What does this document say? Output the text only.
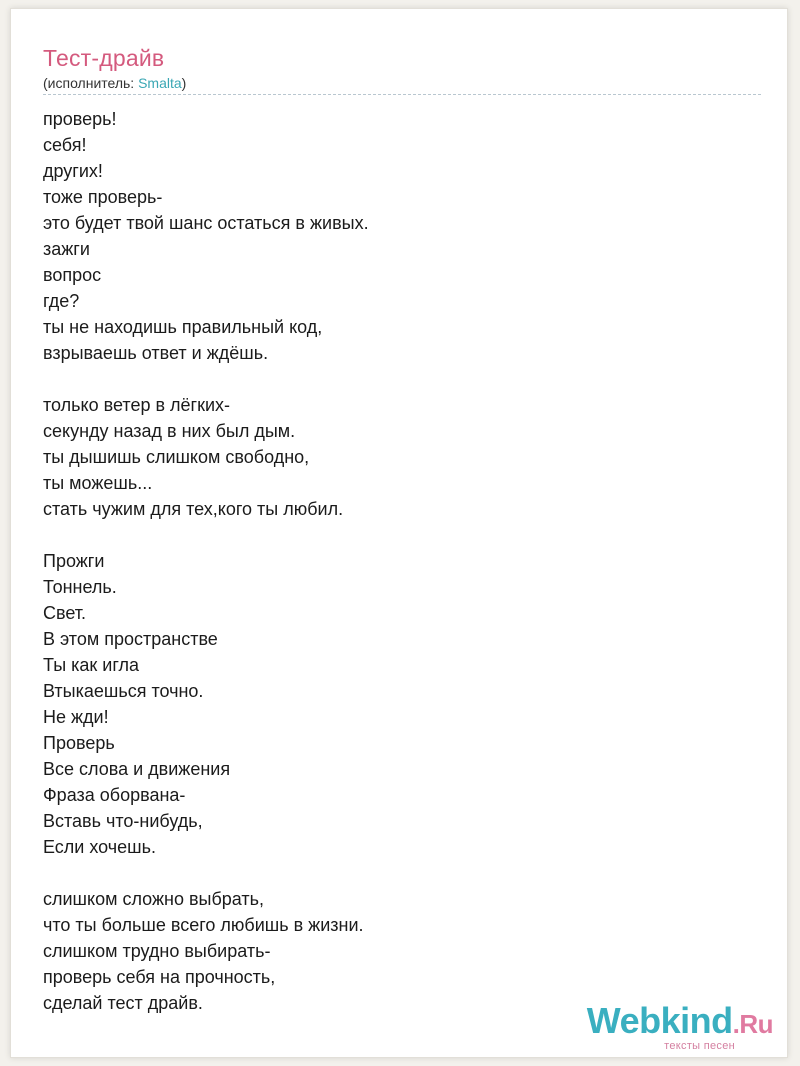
Тест-драйв
(исполнитель: Smalta)
проверь!
себя!
других!
тоже проверь-
это будет твой шанс остаться в живых.
зажги
вопрос
где?
ты не находишь правильный код,
взрываешь ответ и ждёшь.
только ветер в лёгких-
секунду назад в них был дым.
ты дышишь слишком свободно,
ты можешь...
стать чужим для тех,кого ты любил.
Прожги
Тоннель.
Свет.
В этом пространстве
Ты как игла
Втыкаешься точно.
Не жди!
Проверь
Все слова и движения
Фраза оборвана-
Вставь что-нибудь,
Если хочешь.
слишком сложно выбрать,
что ты больше всего любишь в жизни.
слишком трудно выбирать-
проверь себя на прочность,
сделай тест драйв.	Webkind.Ru
тексты песен
